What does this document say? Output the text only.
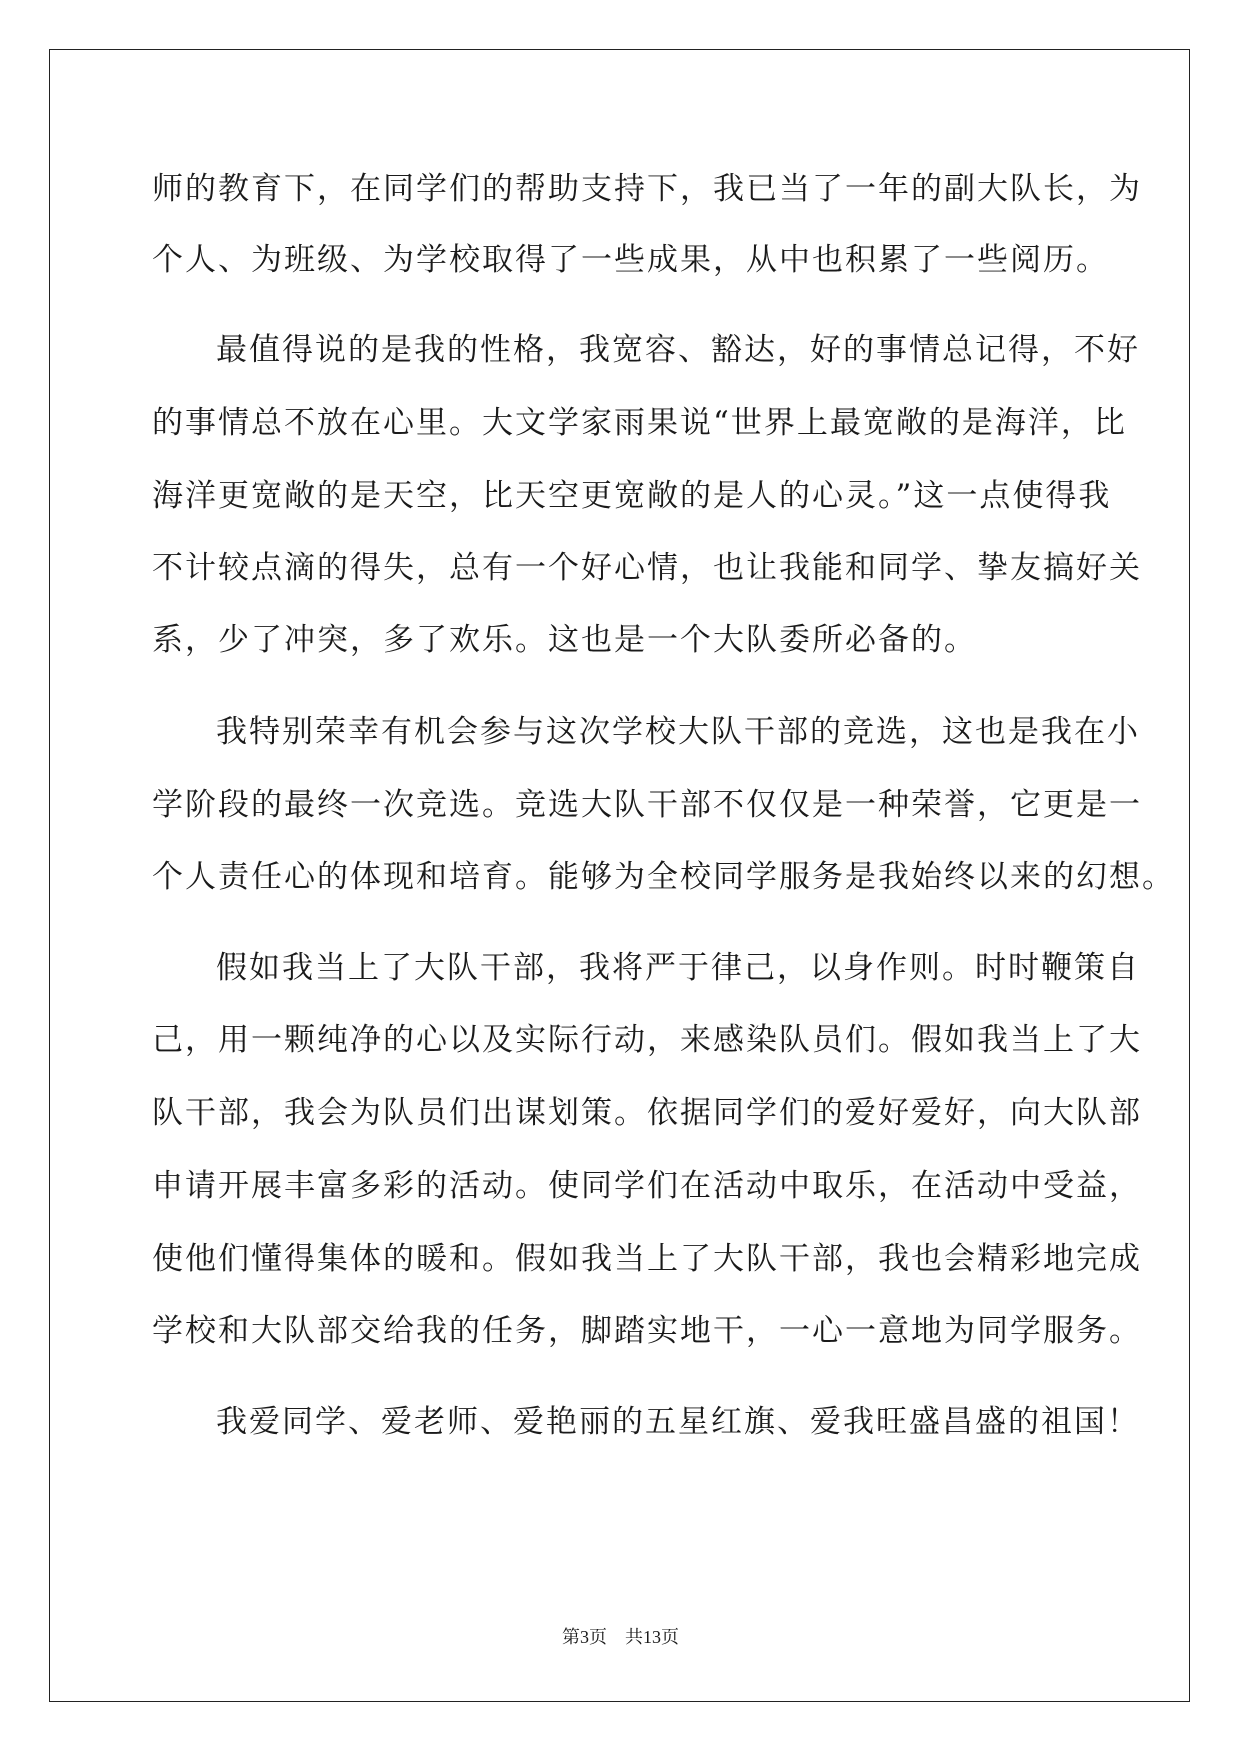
师的教育下，在同学们的帮助支持下，我已当了一年的副大队长，为
个人、为班级、为学校取得了一些成果，从中也积累了一些阅历。
最值得说的是我的性格，我宽容、豁达，好的事情总记得，不好
的事情总不放在心里。大文学家雨果说“世界上最宽敞的是海洋，比
海洋更宽敞的是天空，比天空更宽敞的是人的心灵。”这一点使得我
不计较点滴的得失，总有一个好心情，也让我能和同学、挚友搞好关
系，少了冲突，多了欢乐。这也是一个大队委所必备的。
我特别荣幸有机会参与这次学校大队干部的竞选，这也是我在小
学阶段的最终一次竞选。竞选大队干部不仅仅是一种荣誉，它更是一
个人责任心的体现和培育。能够为全校同学服务是我始终以来的幻想。
假如我当上了大队干部，我将严于律己，以身作则。时时鞭策自
己，用一颗纯净的心以及实际行动，来感染队员们。假如我当上了大
队干部，我会为队员们出谋划策。依据同学们的爱好爱好，向大队部
申请开展丰富多彩的活动。使同学们在活动中取乐，在活动中受益，
使他们懂得集体的暖和。假如我当上了大队干部，我也会精彩地完成
学校和大队部交给我的任务，脚踏实地干，一心一意地为同学服务。
我爱同学、爱老师、爱艳丽的五星红旗、爱我旺盛昌盛的祖国！
第3页　共13页
